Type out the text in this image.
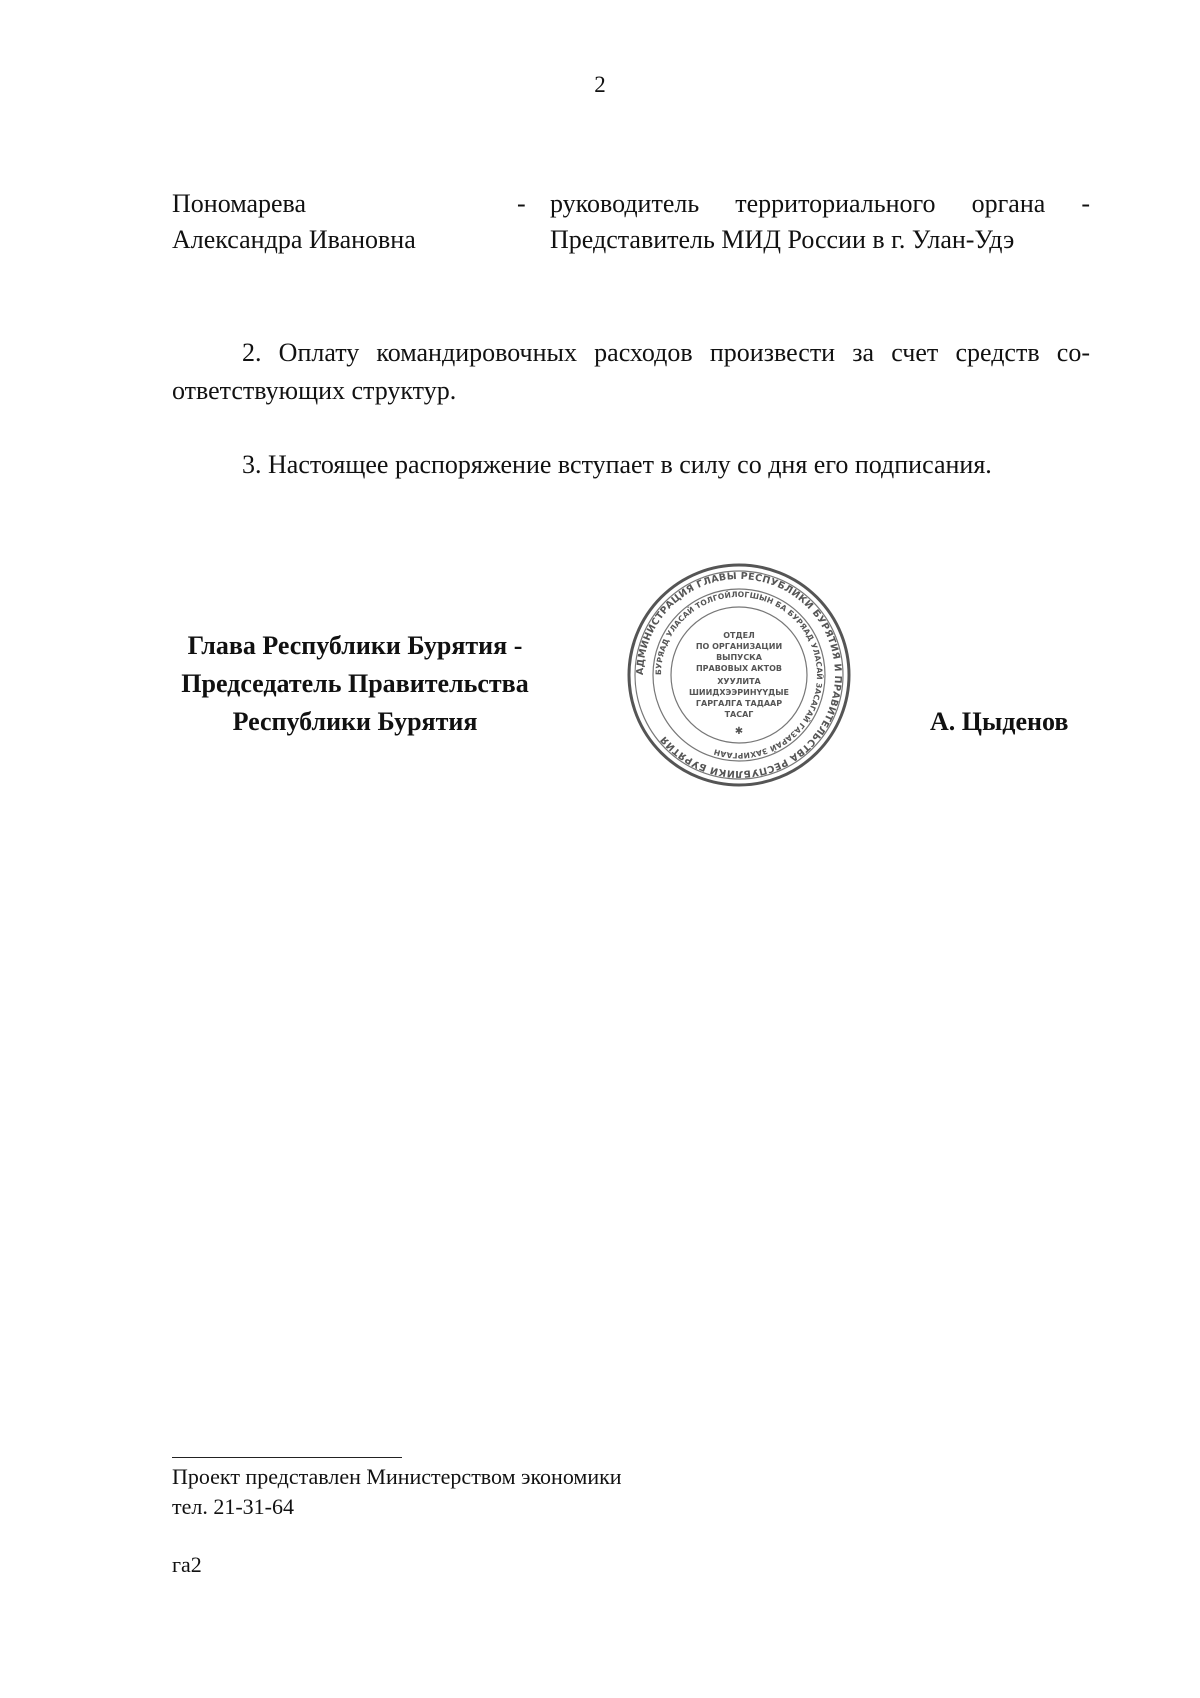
2
Пономарева
Александра Ивановна
- руководитель территориального органа -
Представитель МИД России в г. Улан-Удэ
2. Оплату командировочных расходов произвести за счет средств со-ответствующих структур.
3. Настоящее распоряжение вступает в силу со дня его подписания.
Глава Республики Бурятия -
Председатель Правительства
Республики Бурятия
АДМИНИСТРАЦИЯ ГЛАВЫ РЕСПУБЛИКИ БУРЯТИЯ И ПРАВИТЕЛЬСТВА РЕСПУБЛИКИ БУРЯТИЯ
БУРЯАД УЛАСАЙ ТОЛГОЙЛОГШЫН БА БУРЯАД УЛАСАЙ ЗАСАГАЙ ГАЗАРАЙ ЗАХИРГААН
ОТДЕЛ
ПО ОРГАНИЗАЦИИ
ВЫПУСКА
ПРАВОВЫХ АКТОВ
ХУУЛИТА
ШИИДХЭЭРИНҮҮДЫЕ
ГАРГАЛГА ТАДААР
ТАСАГ
✱	А. Цыденов
Проект представлен Министерством экономики
тел. 21-31-64
га2
